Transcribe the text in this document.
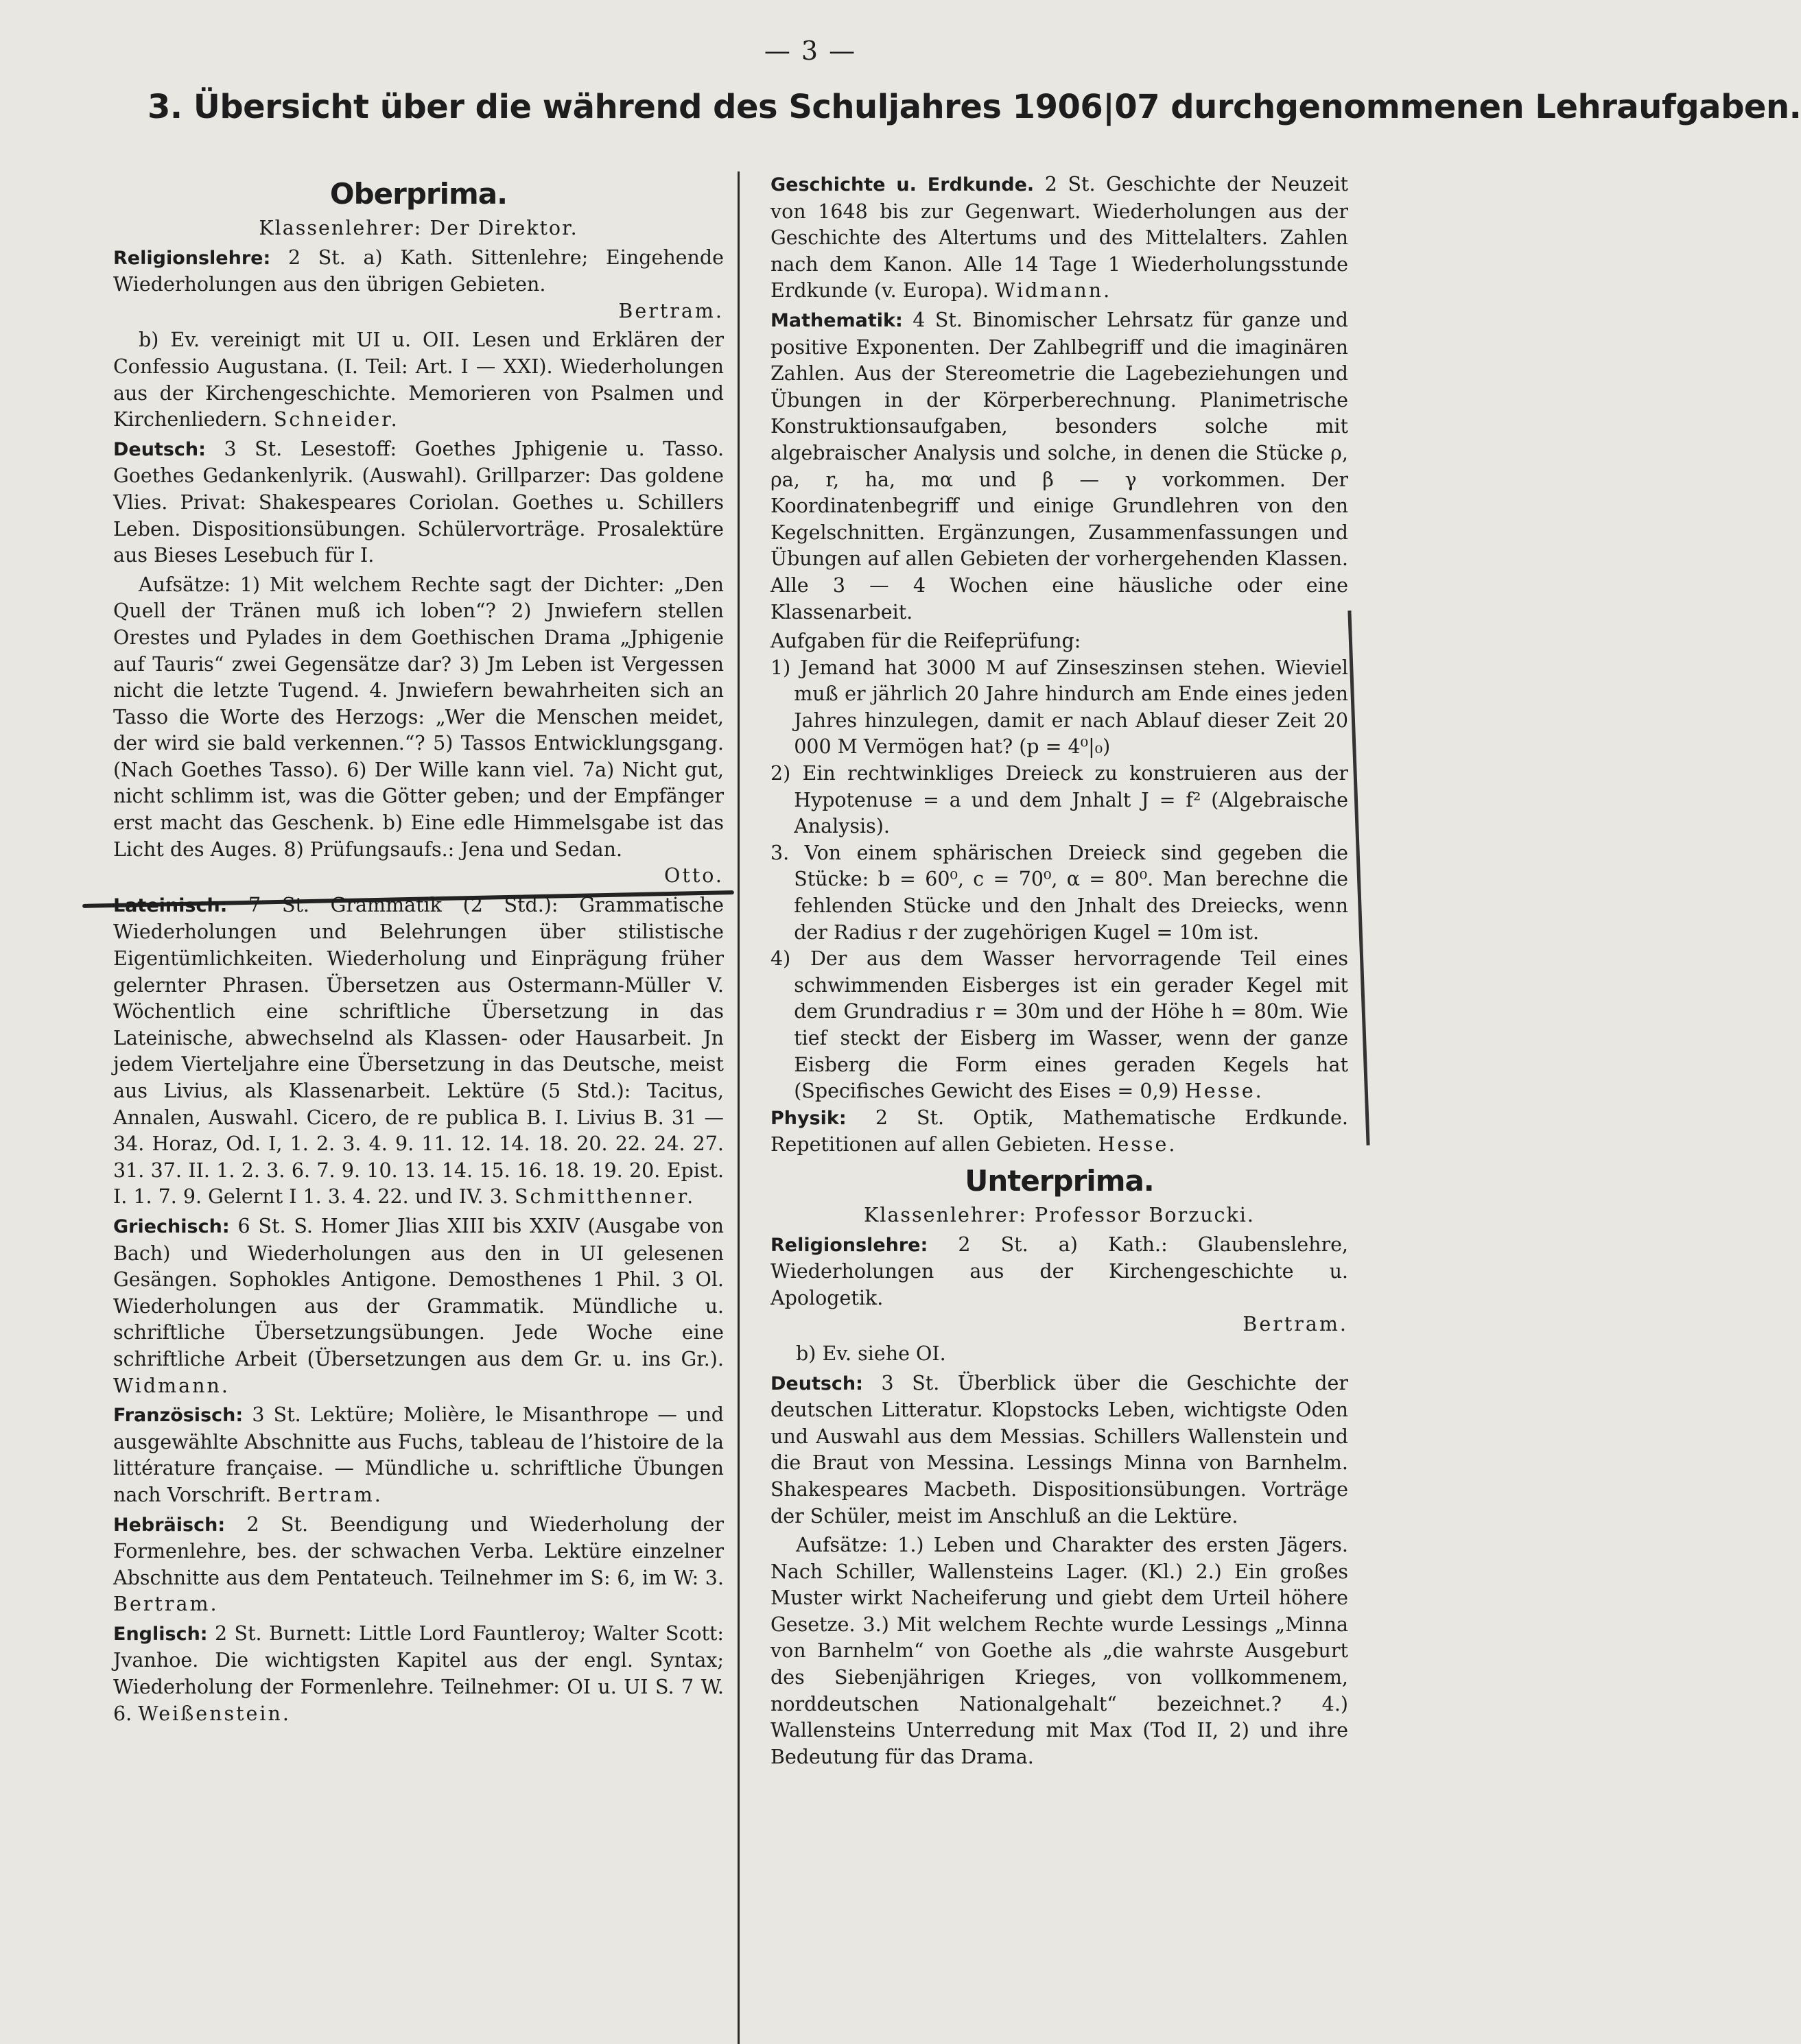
— 3 —
3. Übersicht über die während des Schuljahres 1906|07 durchgenommenen Lehraufgaben.
Oberprima.
Klassenlehrer: Der Direktor.

Religionslehre: 2 St. a) Kath. Sittenlehre; Eingehende Wiederholungen aus den übrigen Gebieten.
Bertram.

b) Ev. vereinigt mit UI u. OII. Lesen und Erklären der Confessio Augustana. (I. Teil: Art. I — XXI). Wiederholungen aus der Kirchengeschichte. Memorieren von Psalmen und Kirchenliedern. Schneider.

Deutsch: 3 St. Lesestoff: Goethes Jphigenie u. Tasso. Goethes Gedankenlyrik. (Auswahl). Grillparzer: Das goldene Vlies. Privat: Shakespeares Coriolan. Goethes u. Schillers Leben. Dispositionsübungen. Schülervorträge. Prosalektüre aus Bieses Lesebuch für I.

Aufsätze: 1) Mit welchem Rechte sagt der Dichter: „Den Quell der Tränen muß ich loben“? 2) Jnwiefern stellen Orestes und Pylades in dem Goethischen Drama „Jphigenie auf Tauris“ zwei Gegensätze dar? 3) Jm Leben ist Vergessen nicht die letzte Tugend. 4. Jnwiefern bewahrheiten sich an Tasso die Worte des Herzogs: „Wer die Menschen meidet, der wird sie bald verkennen.“? 5) Tassos Entwicklungsgang. (Nach Goethes Tasso). 6) Der Wille kann viel. 7a) Nicht gut, nicht schlimm ist, was die Götter geben; und der Empfänger erst macht das Geschenk. b) Eine edle Himmelsgabe ist das Licht des Auges. 8) Prüfungsaufs.: Jena und Sedan.
Otto.

Lateinisch: 7 St. Grammatik (2 Std.): Grammatische Wiederholungen und Belehrungen über stilistische Eigentümlichkeiten. Wiederholung und Einprägung früher gelernter Phrasen. Übersetzen aus Ostermann-Müller V. Wöchentlich eine schriftliche Übersetzung in das Lateinische, abwechselnd als Klassen- oder Hausarbeit. Jn jedem Vierteljahre eine Übersetzung in das Deutsche, meist aus Livius, als Klassenarbeit. Lektüre (5 Std.): Tacitus, Annalen, Auswahl. Cicero, de re publica B. I. Livius B. 31 — 34. Horaz, Od. I, 1. 2. 3. 4. 9. 11. 12. 14. 18. 20. 22. 24. 27. 31. 37. II. 1. 2. 3. 6. 7. 9. 10. 13. 14. 15. 16. 18. 19. 20. Epist. I. 1. 7. 9. Gelernt I 1. 3. 4. 22. und IV. 3. Schmitthenner.

Griechisch: 6 St. S. Homer Jlias XIII bis XXIV (Ausgabe von Bach) und Wiederholungen aus den in UI gelesenen Gesängen. Sophokles Antigone. Demosthenes 1 Phil. 3 Ol. Wiederholungen aus der Grammatik. Mündliche u. schriftliche Übersetzungsübungen. Jede Woche eine schriftliche Arbeit (Übersetzungen aus dem Gr. u. ins Gr.). Widmann.

Französisch: 3 St. Lektüre; Molière, le Misanthrope — und ausgewählte Abschnitte aus Fuchs, tableau de l’histoire de la littérature française. — Mündliche u. schriftliche Übungen nach Vorschrift. Bertram.

Hebräisch: 2 St. Beendigung und Wiederholung der Formenlehre, bes. der schwachen Verba. Lektüre einzelner Abschnitte aus dem Pentateuch. Teilnehmer im S: 6, im W: 3. Bertram.

Englisch: 2 St. Burnett: Little Lord Fauntleroy; Walter Scott: Jvanhoe. Die wichtigsten Kapitel aus der engl. Syntax; Wiederholung der Formenlehre. Teilnehmer: OI u. UI S. 7 W. 6. Weißenstein.

Geschichte u. Erdkunde. 2 St. Geschichte der Neuzeit von 1648 bis zur Gegenwart. Wiederholungen aus der Geschichte des Altertums und des Mittelalters. Zahlen nach dem Kanon. Alle 14 Tage 1 Wiederholungsstunde Erdkunde (v. Europa). Widmann.

Mathematik: 4 St. Binomischer Lehrsatz für ganze und positive Exponenten. Der Zahlbegriff und die imaginären Zahlen. Aus der Stereometrie die Lagebeziehungen und Übungen in der Körperberechnung. Planimetrische Konstruktionsaufgaben, besonders solche mit algebraischer Analysis und solche, in denen die Stücke ρ, ρa, r, ha, mα und β — γ vorkommen. Der Koordinatenbegriff und einige Grundlehren von den Kegelschnitten. Ergänzungen, Zusammenfassungen und Übungen auf allen Gebieten der vorhergehenden Klassen. Alle 3 — 4 Wochen eine häusliche oder eine Klassenarbeit.

Aufgaben für die Reifeprüfung:

1) Jemand hat 3000 M auf Zinseszinsen stehen. Wieviel muß er jährlich 20 Jahre hindurch am Ende eines jeden Jahres hinzulegen, damit er nach Ablauf dieser Zeit 20 000 M Vermögen hat? (p = 4⁰|₀)

2) Ein rechtwinkliges Dreieck zu konstruieren aus der Hypotenuse = a und dem Jnhalt J = f² (Algebraische Analysis).

3. Von einem sphärischen Dreieck sind gegeben die Stücke: b = 60⁰, c = 70⁰, α = 80⁰. Man berechne die fehlenden Stücke und den Jnhalt des Dreiecks, wenn der Radius r der zugehörigen Kugel = 10m ist.

4) Der aus dem Wasser hervorragende Teil eines schwimmenden Eisberges ist ein gerader Kegel mit dem Grundradius r = 30m und der Höhe h = 80m. Wie tief steckt der Eisberg im Wasser, wenn der ganze Eisberg die Form eines geraden Kegels hat (Specifisches Gewicht des Eises = 0,9) Hesse.

Physik: 2 St. Optik, Mathematische Erdkunde. Repetitionen auf allen Gebieten. Hesse.

Unterprima.
Klassenlehrer: Professor Borzucki.

Religionslehre: 2 St. a) Kath.: Glaubenslehre, Wiederholungen aus der Kirchengeschichte u. Apologetik.
Bertram.

b) Ev. siehe OI.

Deutsch: 3 St. Überblick über die Geschichte der deutschen Litteratur. Klopstocks Leben, wichtigste Oden und Auswahl aus dem Messias. Schillers Wallenstein und die Braut von Messina. Lessings Minna von Barnhelm. Shakespeares Macbeth. Dispositionsübungen. Vorträge der Schüler, meist im Anschluß an die Lektüre.

Aufsätze: 1.) Leben und Charakter des ersten Jägers. Nach Schiller, Wallensteins Lager. (Kl.) 2.) Ein großes Muster wirkt Nacheiferung und giebt dem Urteil höhere Gesetze. 3.) Mit welchem Rechte wurde Lessings „Minna von Barnhelm“ von Goethe als „die wahrste Ausgeburt des Siebenjährigen Krieges, von vollkommenem, norddeutschen Nationalgehalt“ bezeichnet.? 4.) Wallensteins Unterredung mit Max (Tod II, 2) und ihre Bedeutung für das Drama.
